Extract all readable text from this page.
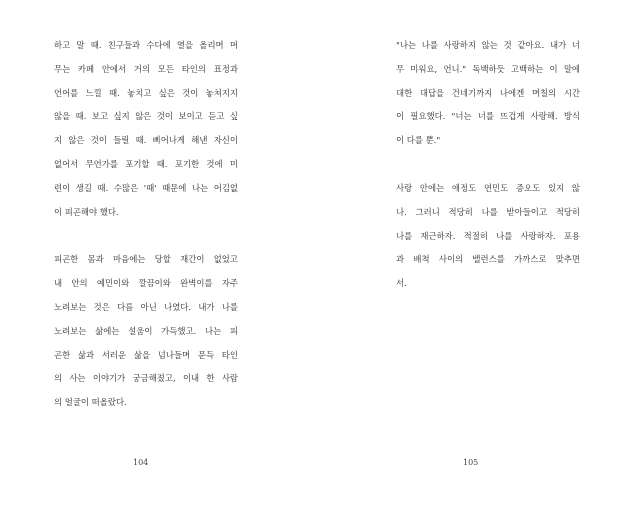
하고 말 때. 친구들과 수다에 열을 올리며 머
무는 카페 안에서 거의 모든 타인의 표정과
언어를 느낄 때. 놓치고 싶은 것이 놓쳐지지
않을 때. 보고 싶지 않은 것이 보이고 듣고 싶
지 않은 것이 들릴 때. 삐어나게 해낸 자신이
없어서 무언가를 포기할 때. 포기한 것에 미
련이 생길 때. 수많은 '때' 때문에 나는 어김없
이 피곤해야 했다.
피곤한 몸과 마음에는 당할 재간이 없었고
내 안의 예민이와 깔끔이와 완벽이를 자주
노려보는 것은 다름 아닌 나였다. 내가 나를
노려보는 삶에는 설움이 가득했고. 나는 피
곤한 삶과 서러운 삶을 넘나들며 문득 타인
의 사는 이야기가 궁금해졌고, 이내 한 사람
의 얼굴이 떠올랐다.
104
"나는 나를 사랑하지 않는 것 같아요. 내가 너
무 미워요, 언니." 독백하듯 고백하는 이 말에
대한 대답을 건네기까지 나에겐 며칠의 시간
이 필요했다. "너는 너를 뜨겁게 사랑해. 방식
이 다를 뿐."
사랑 안에는 애정도 연민도 증오도 있지 않
나. 그러니 적당히 나를 받아들이고 적당히
나를 재근하자. 적절히 나를 사랑하자. 포용
과 배척 사이의 밸런스를 가까스로 맞추면
서.
105
